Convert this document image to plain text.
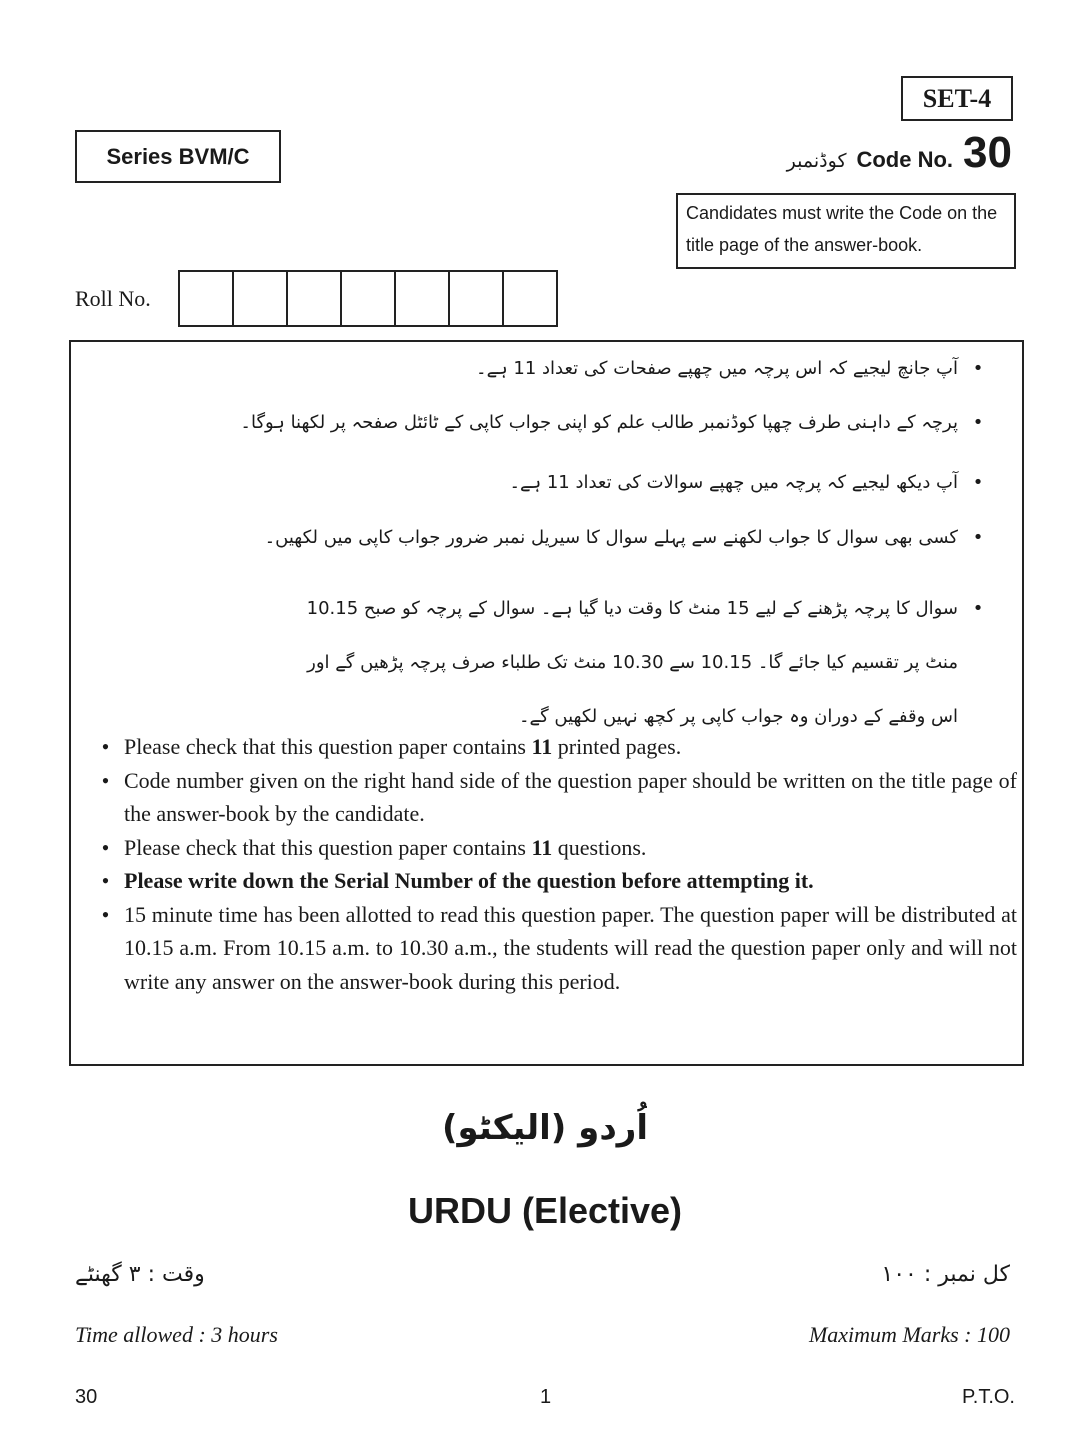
SET-4
Series BVM/C	کوڈنمبر Code No. 30
Candidates must write the Code on the title page of the answer-book.
Roll No.
•آپ جانچ لیجیے کہ اس پرچہ میں چھپے صفحات کی تعداد 11 ہے۔
•پرچہ کے داہنی طرف چھپا کوڈنمبر طالب علم کو اپنی جواب کاپی کے ٹائٹل صفحہ پر لکھنا ہوگا۔
•آپ دیکھ لیجیے کہ پرچہ میں چھپے سوالات کی تعداد 11 ہے۔
•کسی بھی سوال کا جواب لکھنے سے پہلے سوال کا سیریل نمبر ضرور جواب کاپی میں لکھیں۔
•
سوال کا پرچہ پڑھنے کے لیے 15 منٹ کا وقت دیا گیا ہے۔ سوال کے پرچہ کو صبح 10.15 منٹ پر تقسیم کیا جائے گا۔ 10.15 سے 10.30 منٹ تک طلباء صرف پرچہ پڑھیں گے اور اس وقفے کے دوران وہ جواب کاپی پر کچھ نہیں لکھیں گے۔
• Please check that this question paper contains 11 printed pages.
• Code number given on the right hand side of the question paper should be written on the title page of the answer-book by the candidate.
• Please check that this question paper contains 11 questions.
• Please write down the Serial Number of the question before attempting it.
• 15 minute time has been allotted to read this question paper. The question paper will be distributed at 10.15 a.m. From 10.15 a.m. to 10.30 a.m., the students will read the question paper only and will not write any answer on the answer-book during this period.
اُردو (الیکٹو)
URDU (Elective)
وقت : ۳ گھنٹے	کل نمبر : ۱۰۰
Time allowed : 3 hours	Maximum Marks : 100
30	1	P.T.O.
